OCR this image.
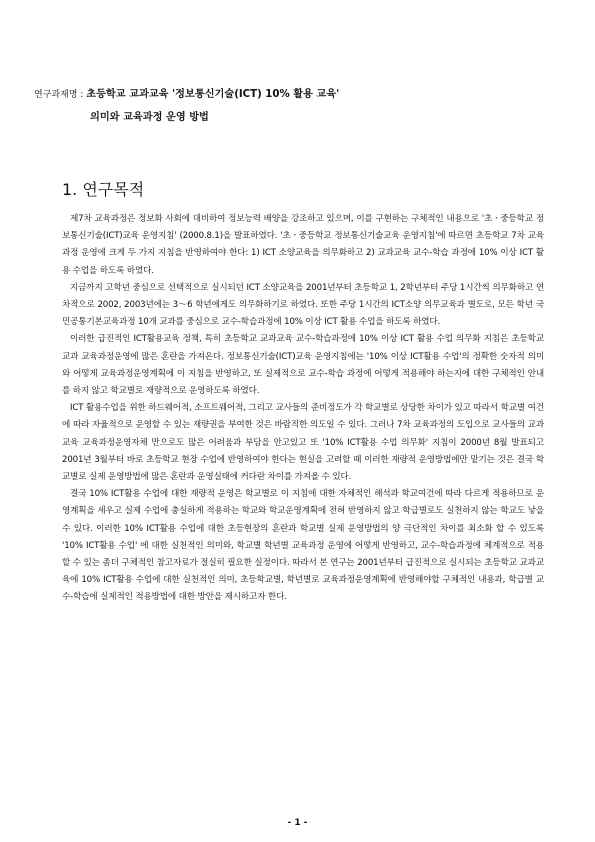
연구과제명 : 초등학교 교과교육 '정보통신기술(ICT) 10% 활용 교육'
의미와 교육과정 운영 방법
1. 연구목적

제7차 교육과정은 정보화 사회에 대비하여 정보능력 배양을 강조하고 있으며, 이를 구현하는 구체적인 내용으로 '초ㆍ중등학교 정보통신기술(ICT)교육 운영지침' (2000.8.1)을 발표하였다. '초ㆍ중등학교 정보통신기술교육 운영지침'에 따르면 초등학교 7차 교육과정 운영에 크게 두 가지 지침을 반영하여야 한다: 1) ICT 소양교육을 의무화하고 2) 교과교육 교수-학습 과정에 10% 이상 ICT 활용 수업을 하도록 하였다.

지금까지 고학년 중심으로 선택적으로 실시되던 ICT 소양교육을 2001년부터 초등학교 1, 2학년부터 주당 1시간씩 의무화하고 연차적으로 2002, 2003년에는 3～6 학년에게도 의무화하기로 하였다. 또한 주당 1시간의 ICT소양 의무교육과 별도로, 모든 학년 국민공통기본교육과정 10개 교과를 중심으로 교수-학습과정에 10% 이상 ICT 활용 수업을 하도록 하였다.

이러한 급진적인 ICT활용교육 정책, 특히 초등학교 교과교육 교수-학습과정에 10% 이상 ICT 활용 수업 의무화 지침은 초등학교 교과 교육과정운영에 많은 혼란을 가져온다. 정보통신기술(ICT)교육 운영지침에는 '10% 이상 ICT활용 수업'의 정확한 숫자적 의미와 어떻게 교육과정운영계획에 이 지침을 반영하고, 또 실제적으로 교수-학습 과정에 어떻게 적용해야 하는지에 대한 구체적인 안내를 하지 않고 학교별로 재량적으로 운영하도록 하였다.

ICT 활용수업을 위한 하드웨어적, 소프트웨어적, 그리고 교사들의 준비정도가 각 학교별로 상당한 차이가 있고 따라서 학교별 여건에 따라 자율적으로 운영할 수 있는 재량권을 부여한 것은 바람직한 의도일 수 있다. 그러나 7차 교육과정의 도입으로 교사들의 교과교육 교육과정운영자체 만으로도 많은 어려움과 부담을 안고있고 또 '10% ICT활용 수업 의무화' 지침이 2000년 8월 발표되고 2001년 3월부터 바로 초등학교 현장 수업에 반영하여야 한다는 현실을 고려할 때 이러한 재량적 운영방법에만 맡기는 것은 결국 학교별로 실제 운영방법에 많은 혼란과 운영실태에 커다란 차이를 가져올 수 있다.

결국 10% ICT활용 수업에 대한 재량적 운영은 학교별로 이 지침에 대한 자체적인 해석과 학교여건에 따라 다르게 적용하므로 운영계획을 세우고 실제 수업에 충실하게 적용하는 학교와 학교운영계획에 전혀 반영하지 않고 학급별로도 실천하지 않는 학교도 낳을 수 있다. 이러한 10% ICT활용 수업에 대한 초등현장의 혼란과 학교별 실제 운영방법의 양 극단적인 차이를 최소화 할 수 있도록 '10% ICT활용 수업' 에 대한 실천적인 의미와, 학교별 학년별 교육과정 운영에 어떻게 반영하고, 교수-학습과정에 체계적으로 적용할 수 있는 좀더 구체적인 참고자료가 절실히 필요한 실정이다. 따라서 본 연구는 2001년부터 급진적으로 실시되는 초등학교 교과교육에 10% ICT활용 수업에 대한 실천적인 의미, 초등학교별, 학년별로 교육과정운영계획에 반영해야할 구체적인 내용과, 학급별 교수-학습에 실제적인 적용방법에 대한 방안을 제시하고자 한다.

- 1 -
